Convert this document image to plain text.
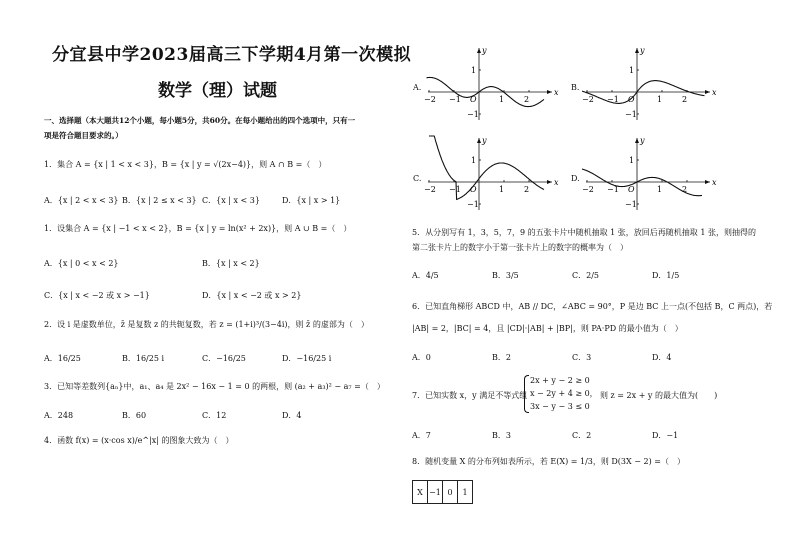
分宜县中学2023届高三下学期4月第一次模拟
数学（理）试题
一、选择题（本大题共12个小题，每小题5分，共60分。在每小题给出的四个选项中，只有一
项是符合题目要求的。）
1．集合 A = {x | 1 < x < 3}，B = {x | y = √(2x−4)}，则 A ∩ B =（　）
A．{x | 2 < x < 3} B．{x | 2 ≤ x < 3} C．{x | x < 3}	D．{x | x > 1}
1．设集合 A = {x | −1 < x < 2}，B = {x | y = ln(x² + 2x)}，则 A ∪ B =（　）
A．{x | 0 < x < 2}	B．{x | x < 2}
C．{x | x < −2 或 x > −1}	D．{x | x < −2 或 x > 2}
2．设 i 是虚数单位，z̄ 是复数 z 的共轭复数，若 z = (1+i)³/(3−4i)，则 z̄ 的虚部为（　）
A．16/25	B．16/25 i	C．−16/25	D．−16/25 i
3．已知等差数列{aₙ}中，a₁、a₄ 是 2x² − 16x − 1 = 0 的两根，则 (a₂ + a₃)² − a₇ =（　）
A．248	B．60	C．12	D．4
4．函数 f(x) = (x·cos x)/e^|x| 的图象大致为（　）
A.	B.
C.	D.
x
y
O
−2 −1	1 2
1
−1
x
y
O
−2 −1	1 2
1
−1
x
y
O
−2 −1	1 2
1
−1
x
y
O
−2 −1	1 2
1
−1
5．从分别写有 1，3，5，7，9 的五张卡片中随机抽取 1 张，放回后再随机抽取 1 张，则抽得的
第二张卡片上的数字小于第一张卡片上的数字的概率为（　）
A．4/5	B．3/5	C．2/5	D．1/5
6．已知直角梯形 ABCD 中，AB // DC，∠ABC = 90°，P 是边 BC 上一点(不包括 B，C 两点)，若
|AB| = 2，|BC| = 4，且 |CD|·|AB| + |BP|，则 PA·PD 的最小值为（　）
A．0	B．2	C．3	D．4
7．已知实数 x，y 满足不等式组
2x + y − 2 ≥ 0
x − 2y + 4 ≥ 0，
3x − y − 3 ≤ 0
则 z = 2x + y 的最大值为(　　)
A．7	B．3	C．2	D．−1
8．随机变量 X 的分布列如表所示，若 E(X) = 1/3，则 D(3X − 2) =（　）
X	−1	0	1
